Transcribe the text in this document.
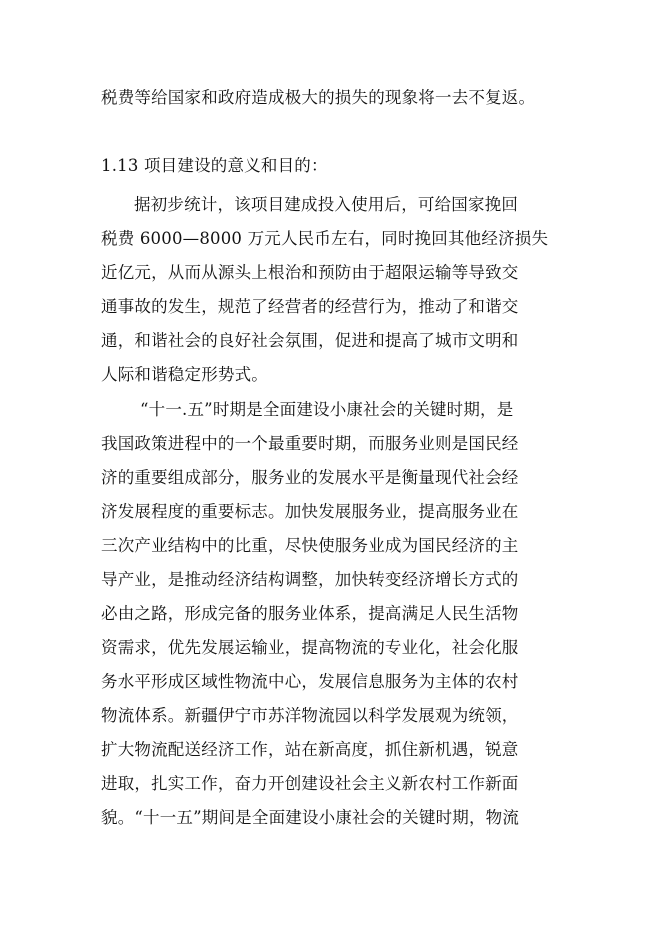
税费等给国家和政府造成极大的损失的现象将一去不复返。
1.13 项目建设的意义和目的：
据初步统计，该项目建成投入使用后，可给国家挽回
税费 6000—8000 万元人民币左右，同时挽回其他经济损失
近亿元，从而从源头上根治和预防由于超限运输等导致交
通事故的发生，规范了经营者的经营行为，推动了和谐交
通，和谐社会的良好社会氛围，促进和提高了城市文明和
人际和谐稳定形势式。
“十一.五”时期是全面建设小康社会的关键时期，是
我国政策进程中的一个最重要时期，而服务业则是国民经
济的重要组成部分，服务业的发展水平是衡量现代社会经
济发展程度的重要标志。加快发展服务业，提高服务业在
三次产业结构中的比重，尽快使服务业成为国民经济的主
导产业，是推动经济结构调整，加快转变经济增长方式的
必由之路，形成完备的服务业体系，提高满足人民生活物
资需求，优先发展运输业，提高物流的专业化，社会化服
务水平形成区域性物流中心，发展信息服务为主体的农村
物流体系。新疆伊宁市苏洋物流园以科学发展观为统领，
扩大物流配送经济工作，站在新高度，抓住新机遇，锐意
进取，扎实工作，奋力开创建设社会主义新农村工作新面
貌。“十一五”期间是全面建设小康社会的关键时期，物流
